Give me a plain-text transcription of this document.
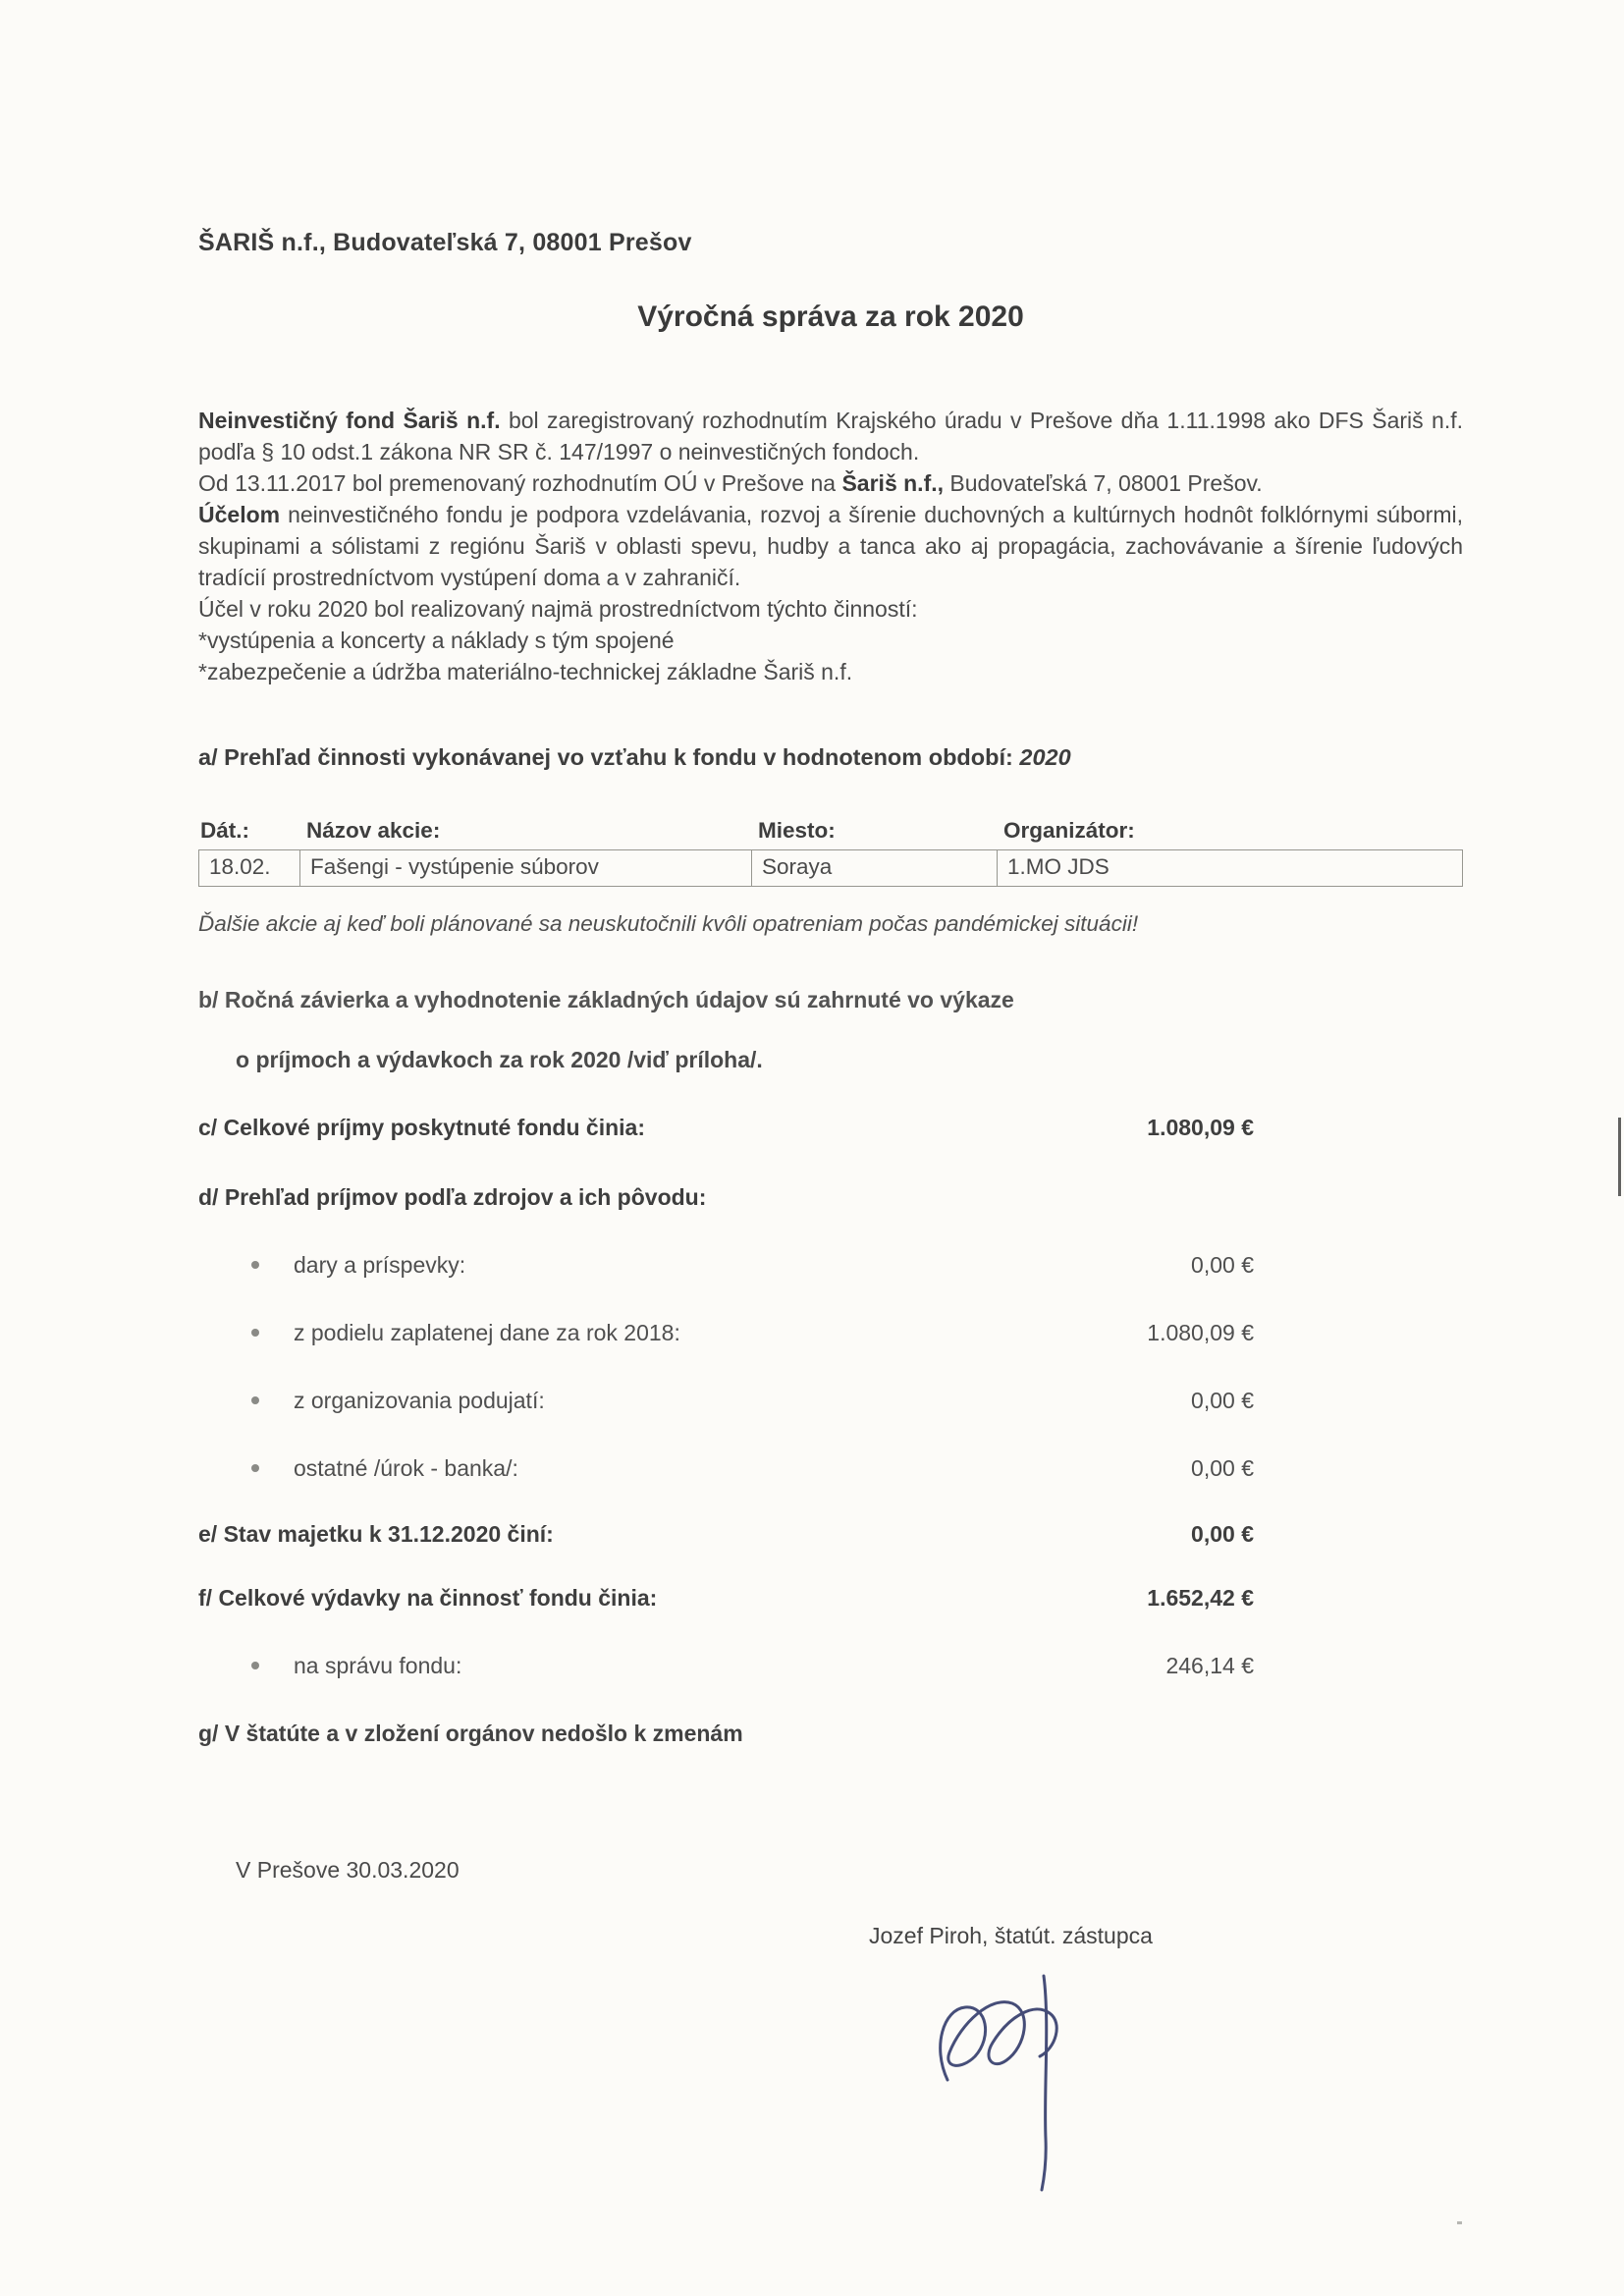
ŠARIŠ n.f., Budovateľská 7, 08001 Prešov
Výročná správa za rok 2020

Neinvestičný fond Šariš n.f. bol zaregistrovaný rozhodnutím Krajského úradu v Prešove dňa 1.11.1998 ako DFS Šariš n.f. podľa § 10 odst.1 zákona NR SR č. 147/1997 o neinvestičných fondoch.

Od 13.11.2017 bol premenovaný rozhodnutím OÚ v Prešove na Šariš n.f., Budovateľská 7, 08001 Prešov.

Účelom neinvestičného fondu je podpora vzdelávania, rozvoj a šírenie duchovných a kultúrnych hodnôt folklórnymi súbormi, skupinami a sólistami z regiónu Šariš v oblasti spevu, hudby a tanca ako aj propagácia, zachovávanie a šírenie ľudových tradícií prostredníctvom vystúpení doma a v zahraničí.

Účel v roku 2020 bol realizovaný najmä prostredníctvom týchto činností:

*vystúpenia a koncerty a náklady s tým spojené

*zabezpečenie a údržba materiálno-technickej základne Šariš n.f.

a/ Prehľad činnosti vykonávanej vo vzťahu k fondu v hodnotenom období: 2020
Dát.:	Názov akcie:	Miesto:	Organizátor:
18.02.	Fašengi - vystúpenie súborov	Soraya	1.MO JDS
Ďalšie akcie aj keď boli plánované sa neuskutočnili kvôli opatreniam počas pandémickej situácii!
b/ Ročná závierka a vyhodnotenie základných údajov sú zahrnuté vo výkaze
o príjmoch a výdavkoch za rok 2020 /viď príloha/.
c/ Celkové príjmy poskytnuté fondu činia:	1.080,09 €
d/ Prehľad príjmov podľa zdrojov a ich pôvodu:
dary a príspevky:	0,00 €
z podielu zaplatenej dane za rok 2018:	1.080,09 €
z organizovania podujatí:	0,00 €
ostatné /úrok - banka/:	0,00 €
e/ Stav majetku k 31.12.2020 činí:	0,00 €
f/ Celkové výdavky na činnosť fondu činia:	1.652,42 €
na správu fondu:	246,14 €
g/ V štatúte a v zložení orgánov nedošlo k zmenám
V Prešove 30.03.2020
Jozef Piroh, štatút. zástupca
